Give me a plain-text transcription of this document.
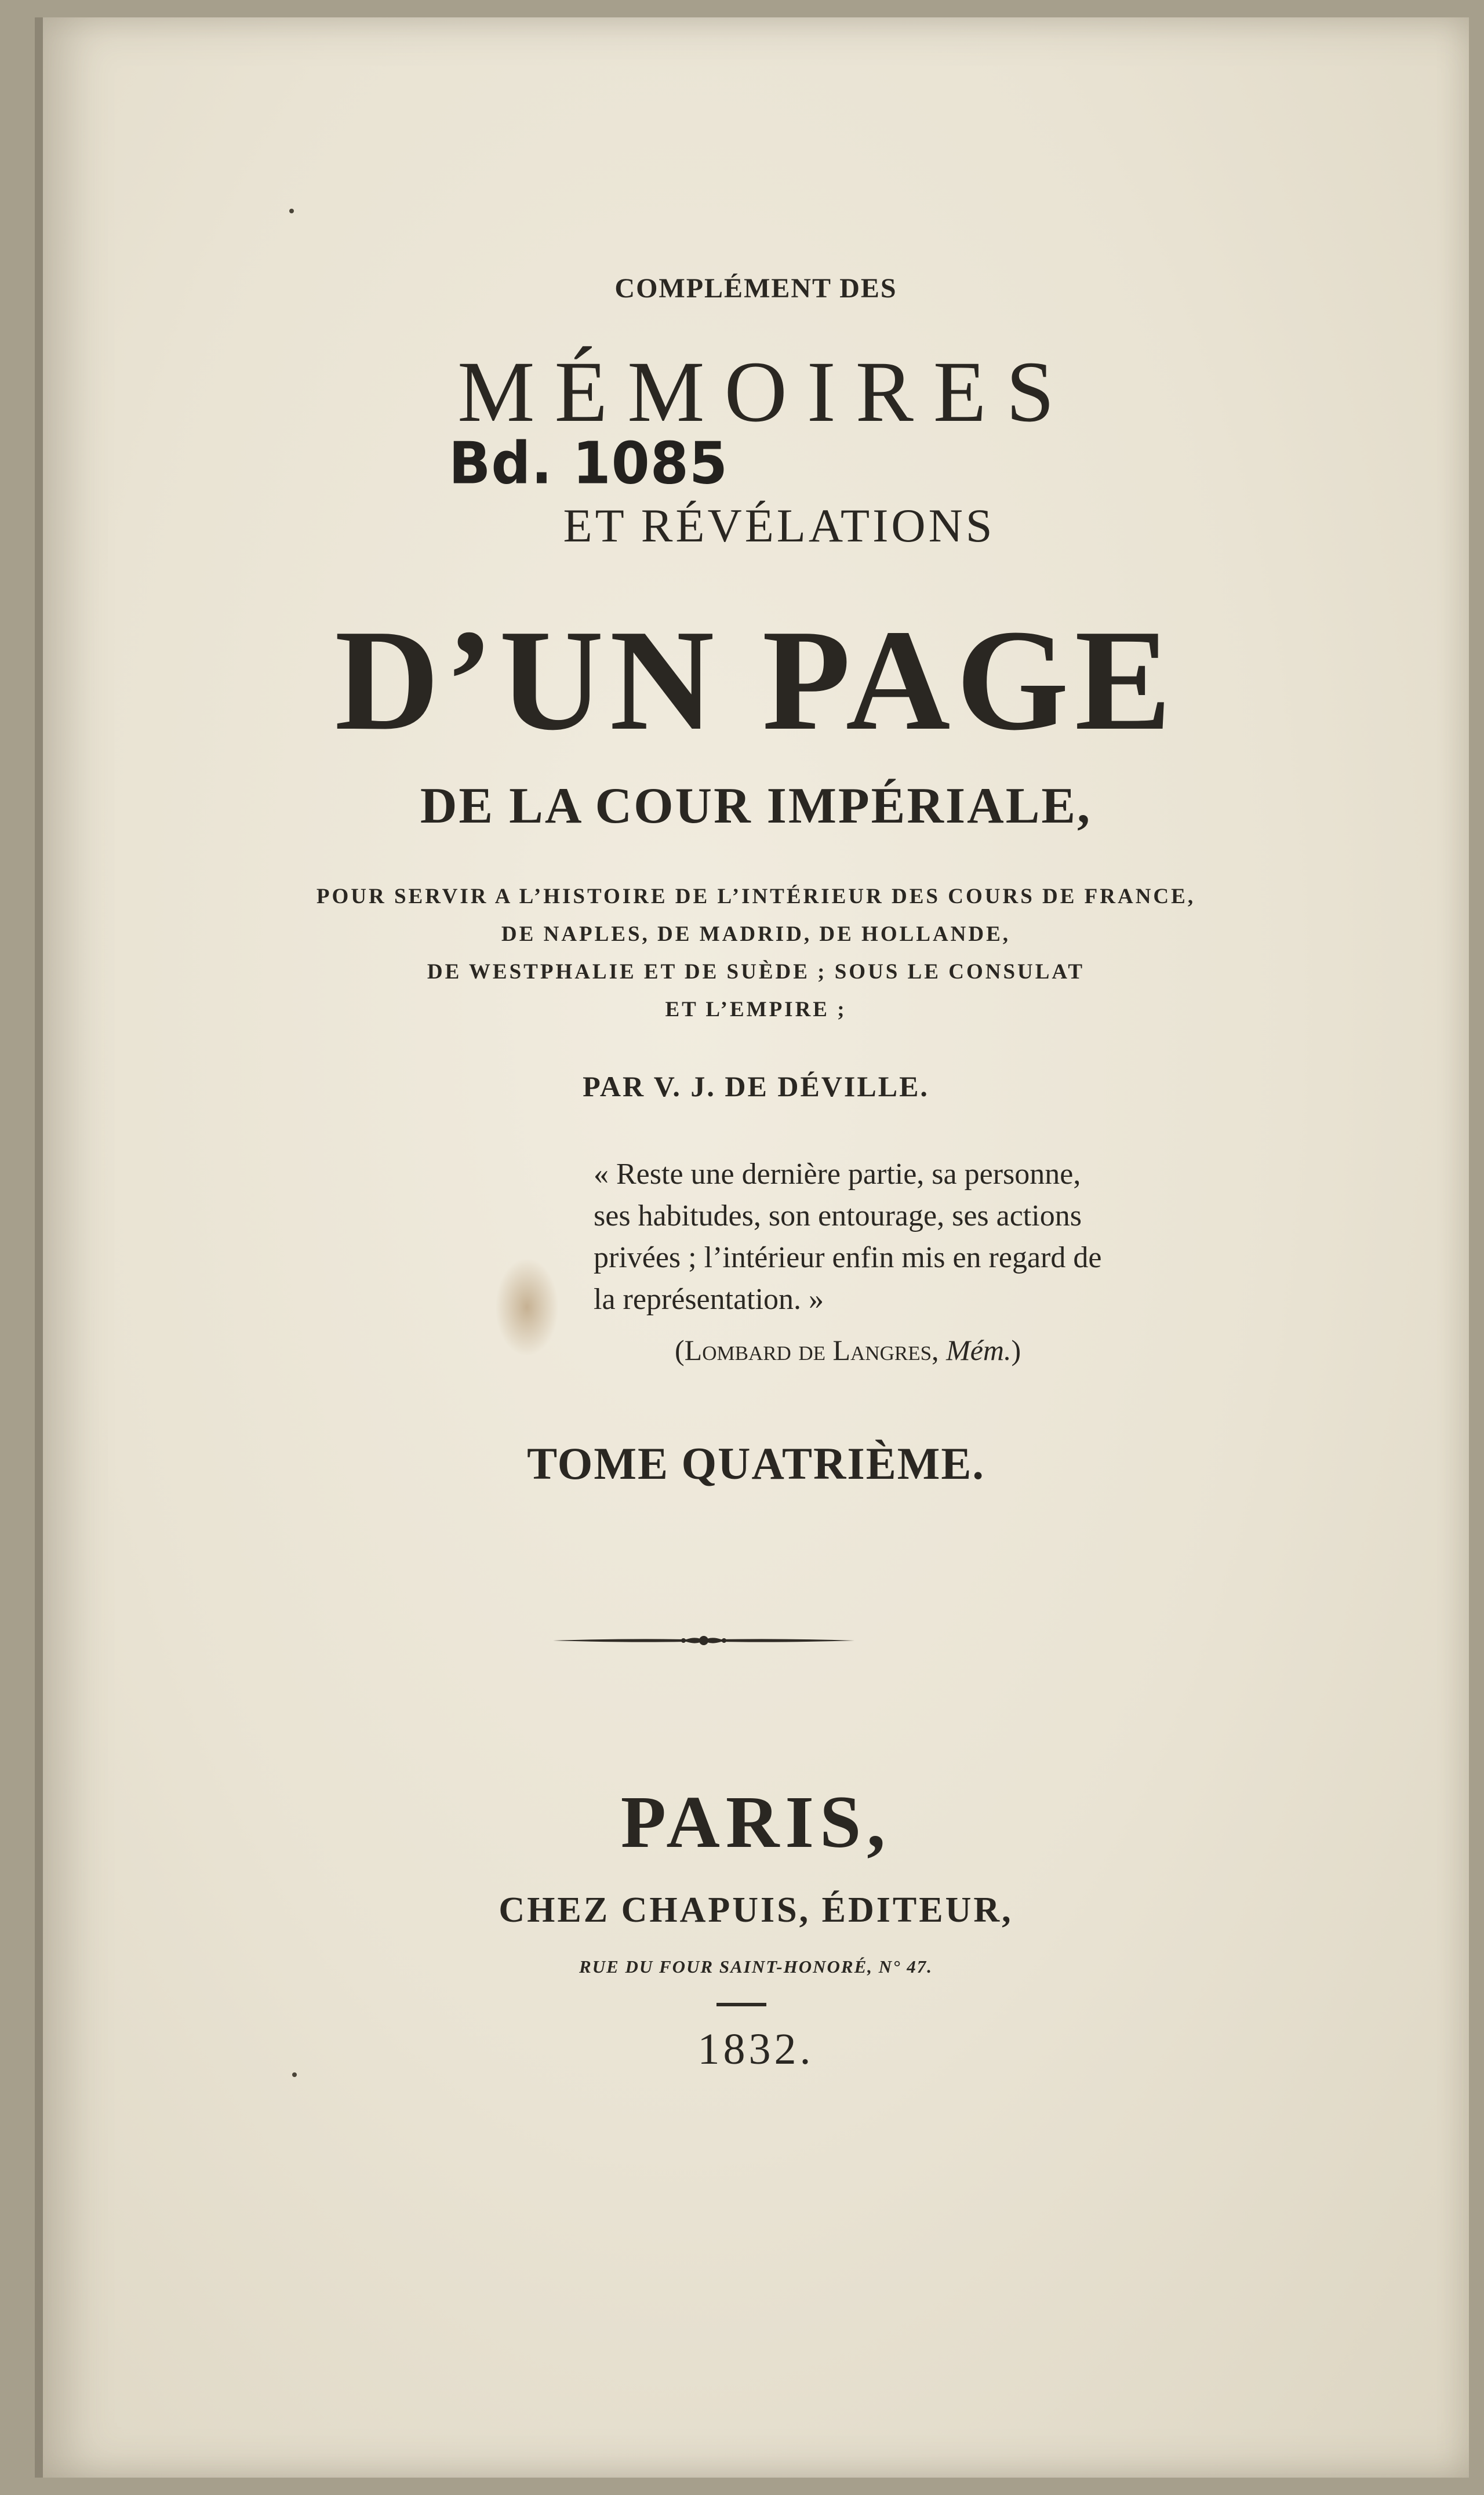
COMPLÉMENT DES
MÉMOIRES
Bd. 1085
ET RÉVÉLATIONS
D’UN PAGE
DE LA COUR IMPÉRIALE,
POUR SERVIR A L’HISTOIRE DE L’INTÉRIEUR DES COURS DE FRANCE,
DE NAPLES, DE MADRID, DE HOLLANDE,
DE WESTPHALIE ET DE SUÈDE ; SOUS LE CONSULAT
ET L’EMPIRE ;
PAR V. J. DE DÉVILLE.
« Reste une dernière partie, sa personne,
ses habitudes, son entourage, ses actions
privées ; l’intérieur enfin mis en regard de
la représentation. »
(Lombard de Langres, Mém.)
TOME QUATRIÈME.
PARIS,
CHEZ CHAPUIS, ÉDITEUR,
RUE DU FOUR SAINT-HONORÉ, N° 47.
1832.
